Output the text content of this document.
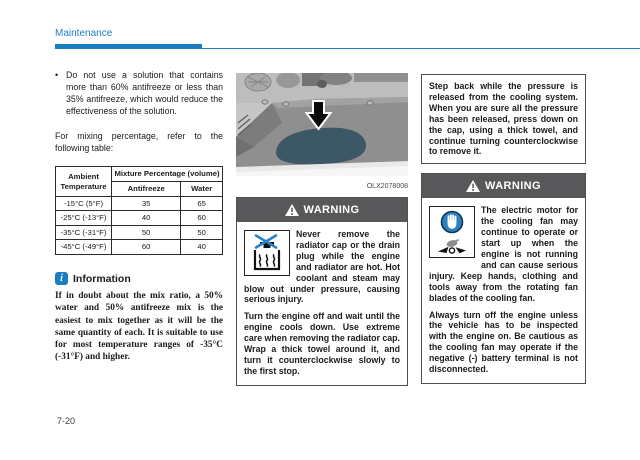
Maintenance
• Do not use a solution that contains more than 60% antifreeze or less than 35% antifreeze, which would reduce the effectiveness of the solution.

For mixing percentage, refer to the following table:

Ambient Temperature	Mixture Percentage (volume)	
	Antifreeze	Water
-15°C (5°F)	35	65
-25°C (-13°F)	40	60
-35°C (-31°F)	50	50
-45°C (-49°F)	60	40
i Information

If in doubt about the mix ratio, a 50% water and 50% antifreeze mix is the easiest to mix together as it will be the same quantity of each. It is suitable to use for most temperature ranges of -35°C (-31°F) and higher.

OLX2078008
WARNING

Never remove the radiator cap or the drain plug while the engine and radiator are hot. Hot coolant and steam may blow out under pressure, causing serious injury.

Turn the engine off and wait until the engine cools down. Use extreme care when removing the radiator cap. Wrap a thick towel around it, and turn it counterclockwise slowly to the first stop.

Step back while the pressure is released from the cooling system. When you are sure all the pressure has been released, press down on the cap, using a thick towel, and continue turning counterclockwise to remove it.

WARNING

The electric motor for the cooling fan may continue to operate or start up when the engine is not running and can cause serious injury. Keep hands, clothing and tools away from the rotating fan blades of the cooling fan.

Always turn off the engine unless the vehicle has to be inspected with the engine on. Be cautious as the cooling fan may operate if the negative (-) battery terminal is not disconnected.

7-20
